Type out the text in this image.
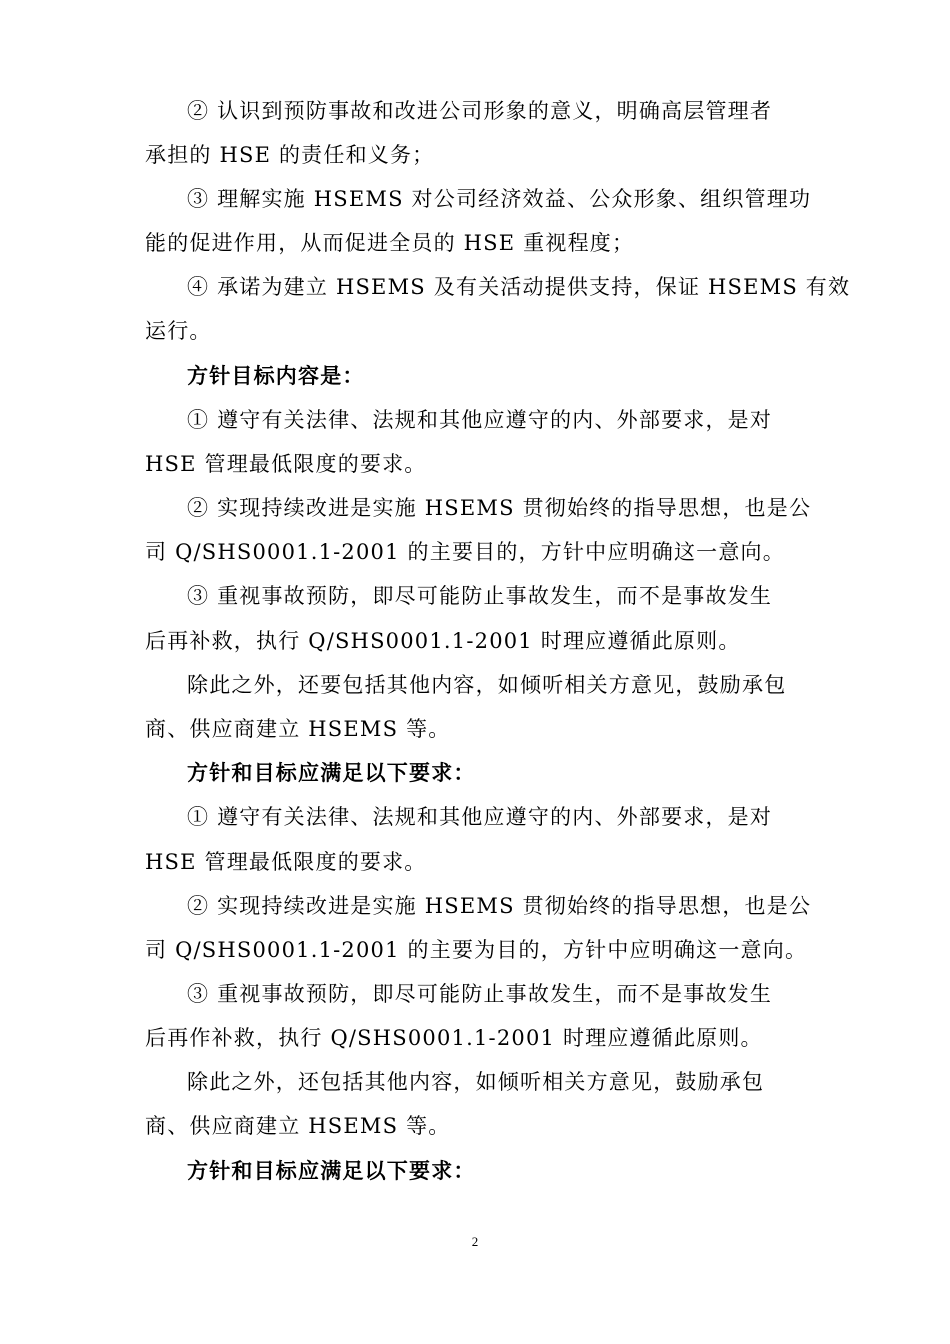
② 认识到预防事故和改进公司形象的意义，明确高层管理者
承担的 HSE 的责任和义务；
③ 理解实施 HSEMS 对公司经济效益、公众形象、组织管理功
能的促进作用，从而促进全员的 HSE 重视程度；
④ 承诺为建立 HSEMS 及有关活动提供支持，保证 HSEMS 有效
运行。
方针目标内容是：
① 遵守有关法律、法规和其他应遵守的内、外部要求，是对
HSE 管理最低限度的要求。
② 实现持续改进是实施 HSEMS 贯彻始终的指导思想，也是公
司 Q/SHS0001.1-2001 的主要目的，方针中应明确这一意向。
③ 重视事故预防，即尽可能防止事故发生，而不是事故发生
后再补救，执行 Q/SHS0001.1-2001 时理应遵循此原则。
除此之外，还要包括其他内容，如倾听相关方意见，鼓励承包
商、供应商建立 HSEMS 等。
方针和目标应满足以下要求：
① 遵守有关法律、法规和其他应遵守的内、外部要求，是对
HSE 管理最低限度的要求。
② 实现持续改进是实施 HSEMS 贯彻始终的指导思想，也是公
司 Q/SHS0001.1-2001 的主要为目的，方针中应明确这一意向。
③ 重视事故预防，即尽可能防止事故发生，而不是事故发生
后再作补救，执行 Q/SHS0001.1-2001 时理应遵循此原则。
除此之外，还包括其他内容，如倾听相关方意见，鼓励承包
商、供应商建立 HSEMS 等。
方针和目标应满足以下要求：
2
